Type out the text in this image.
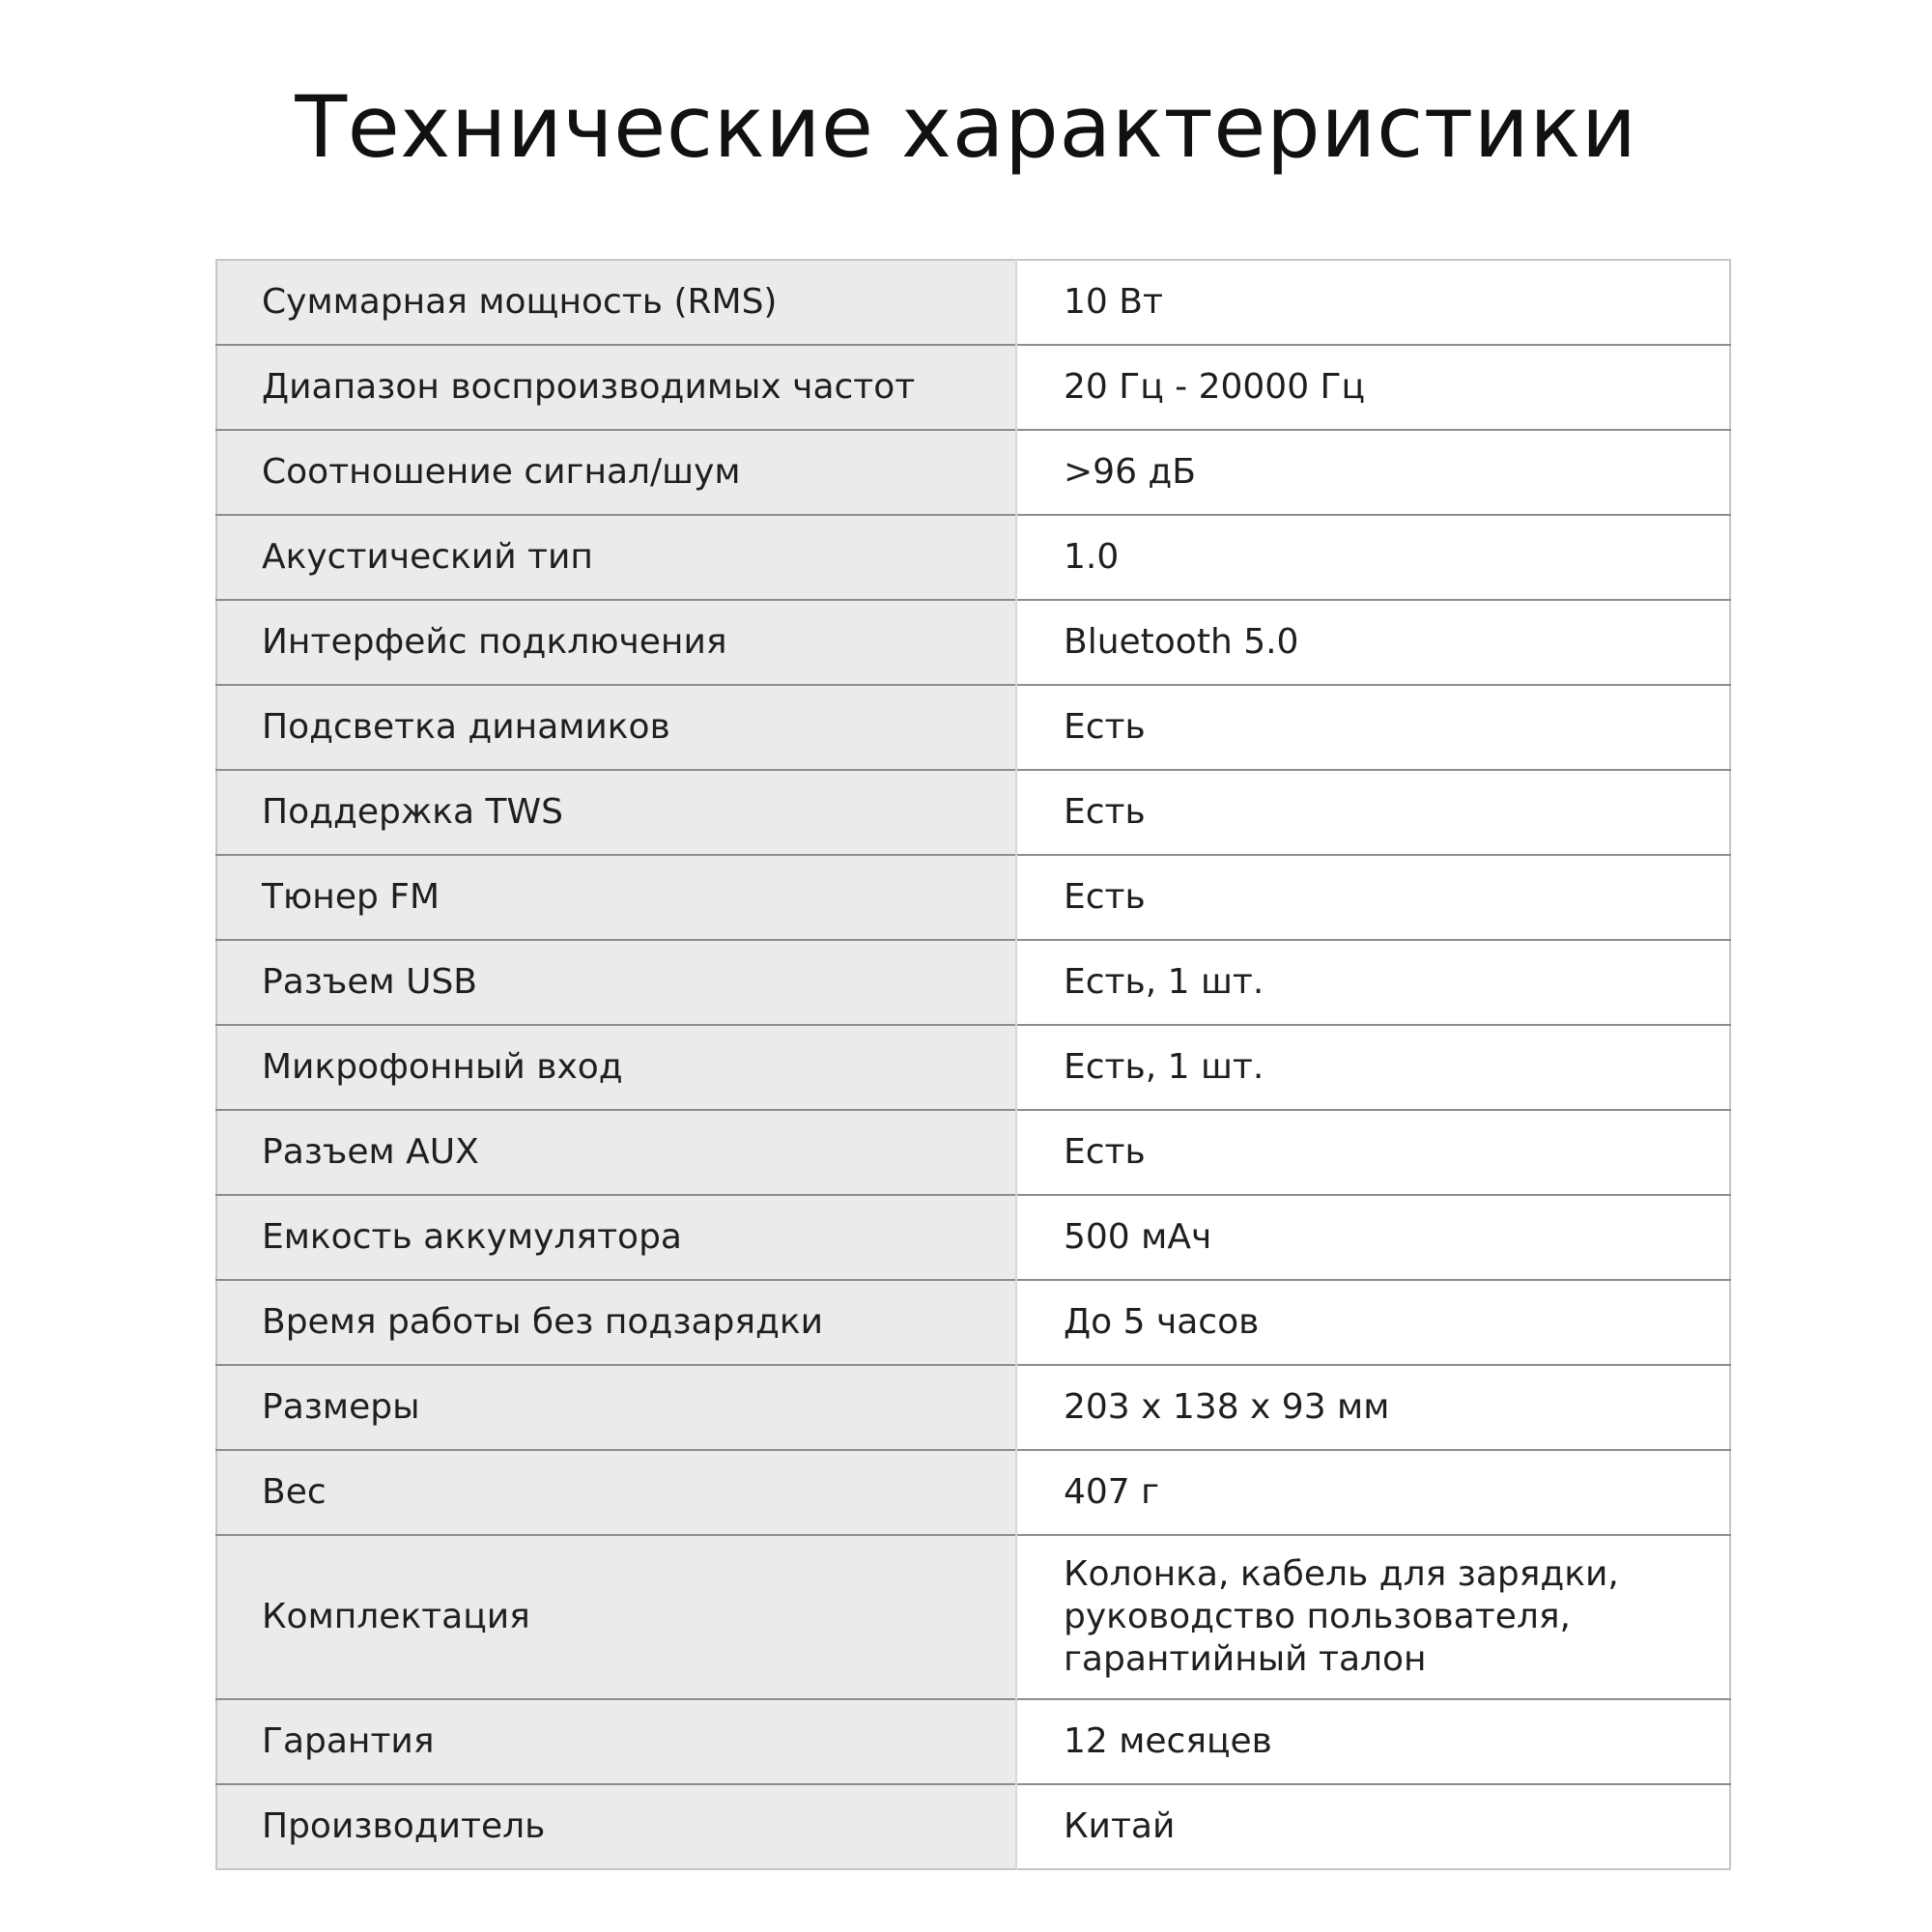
Технические характеристики
Суммарная мощность (RMS)	10 Вт
Диапазон воспроизводимых частот	20 Гц - 20000 Гц
Соотношение сигнал/шум	>96 дБ
Акустический тип	1.0
Интерфейс подключения	Bluetooth 5.0
Подсветка динамиков	Есть
Поддержка TWS	Есть
Тюнер FM	Есть
Разъем USB	Есть, 1 шт.
Микрофонный вход	Есть, 1 шт.
Разъем AUX	Есть
Емкость аккумулятора	500 мАч
Время работы без подзарядки	До 5 часов
Размеры	203 x 138 x 93 мм
Вес	407 г
Комплектация	Колонка, кабель для зарядки,
руководство пользователя,
гарантийный талон

Гарантия	12 месяцев
Производитель	Китай
